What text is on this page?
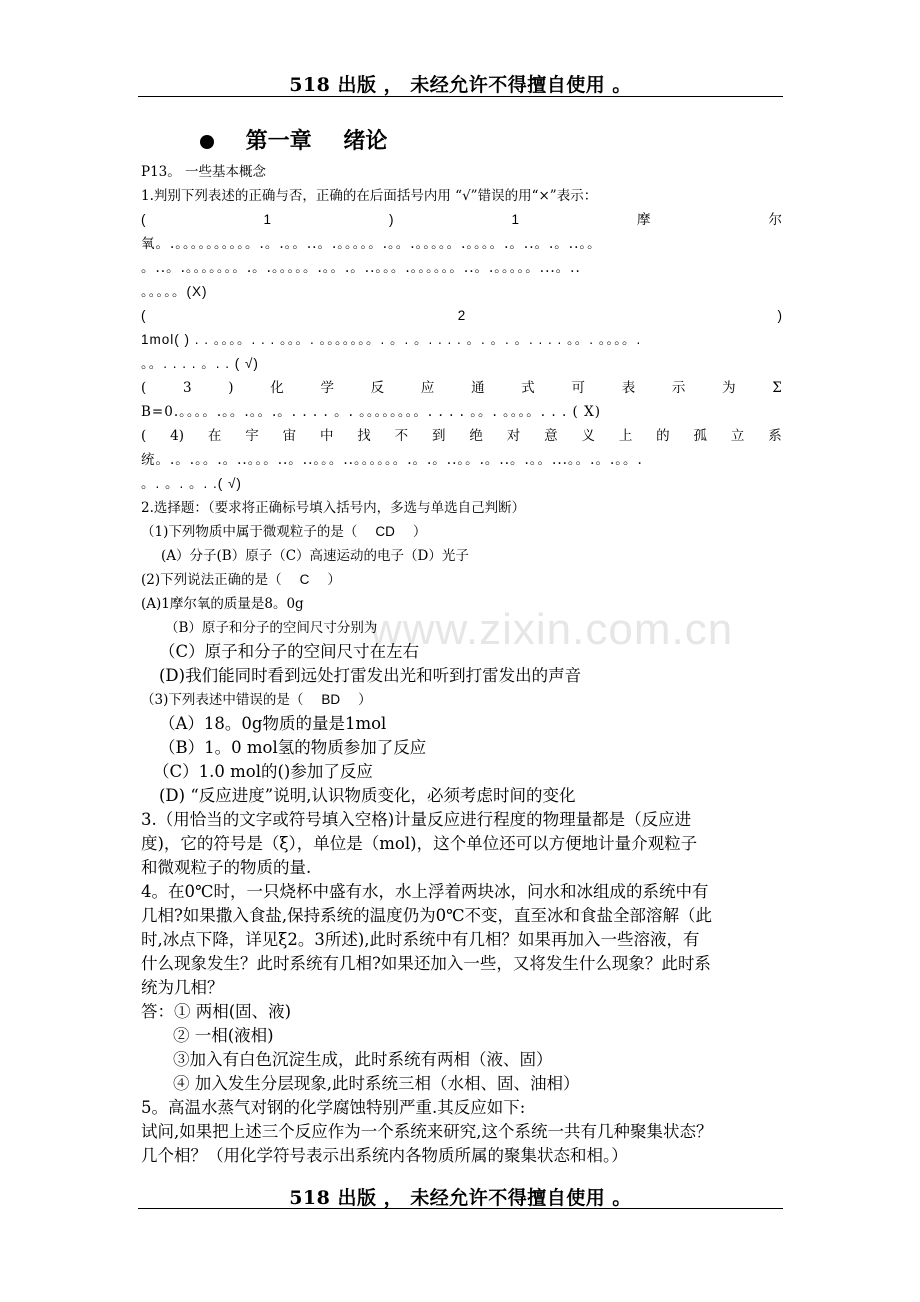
518 出版 ， 未经允许不得擅自使用 。
第一章 绪论
www.zixin.com.cn
P13。 一些基本概念
1.判别下列表述的正确与否，正确的在后面括号内用 “√”错误的用“×”表示：
(	1	)	1	摩	尔
氧。.。。。。。。。。。。.。.。。..。.。。。。。.。。.。。。。。.。。。。.。..。.。..。。
。..。.。。。。。。。.。.。。。。。.。。.。..。。。.。。。。。。..。.。。。。。...。..
。。。。。(X)
(	2	)
1mol( ) . . 。。。。. . . 。。。. 。。。。。。。. 。. 。. . . . 。. 。. 。. . . . 。。. 。。。。.
。。. . . . 。. . ( √)
(	3	)	化	学	反	应	通	式	可	表	示	为	Σ
B=0.。。。。.。。.。。.。. . . . 。. 。。。。。。。。. . . . 。。. 。。。。. . . ( X)
( 4) 在 宇 宙 中 找 不 到 绝 对 意 义 上 的 孤 立 系
统。.。.。。.。..。。。..。..。。。..。。。。。。.。.。..。。.。..。.。。...。。.。.。。.
。. 。. 。. .( √)
2.选择题：（要求将正确标号填入括号内，多选与单选自己判断）
（1)下列物质中属于微观粒子的是（ CD ）
(A）分子(B）原子（C）高速运动的电子（D）光子
(2)下列说法正确的是（ C ）
(A)1摩尔氧的质量是8。0g
（B）原子和分子的空间尺寸分别为
（C）原子和分子的空间尺寸在左右
(D)我们能同时看到远处打雷发出光和听到打雷发出的声音
（3)下列表述中错误的是（ BD ）
（A）18。0g物质的量是1mol
（B）1。0 mol氢的物质参加了反应
（C）1.0 mol的()参加了反应
(D) “反应进度”说明,认识物质变化，必须考虑时间的变化
3.（用恰当的文字或符号填入空格)计量反应进行程度的物理量都是（反应进
度)，它的符号是（ξ），单位是（mol)，这个单位还可以方便地计量介观粒子
和微观粒子的物质的量.
4。在0℃时，一只烧杯中盛有水，水上浮着两块冰，问水和冰组成的系统中有
几相?如果撒入食盐,保持系统的温度仍为0℃不变，直至冰和食盐全部溶解（此
时,冰点下降，详见ξ2。3所述),此时系统中有几相？如果再加入一些溶液，有
什么现象发生？此时系统有几相?如果还加入一些，又将发生什么现象？此时系
统为几相？
答：① 两相(固、液)
② 一相(液相)
③加入有白色沉淀生成，此时系统有两相（液、固）
④ 加入发生分层现象,此时系统三相（水相、固、油相）
5。高温水蒸气对钢的化学腐蚀特别严重.其反应如下:
试问,如果把上述三个反应作为一个系统来研究,这个系统一共有几种聚集状态？
几个相？（用化学符号表示出系统内各物质所属的聚集状态和相。）
518 出版 ， 未经允许不得擅自使用 。
